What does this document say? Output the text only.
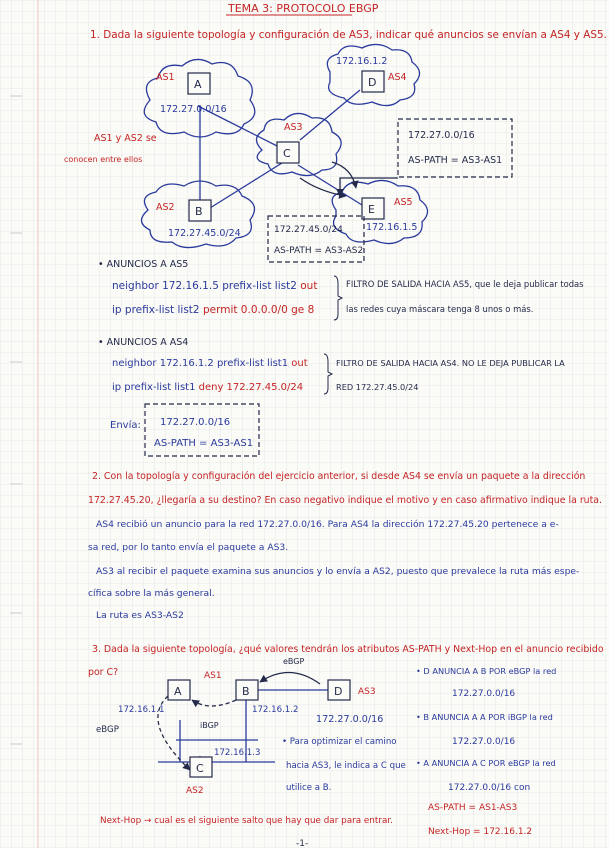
TEMA 3: PROTOCOLO EBGP
1. Dada la siguiente topología y configuración de AS3, indicar qué anuncios se envían a AS4 y AS5.
A	D
C
B	E
AS1
172.27.0.0/16
172.16.1.2
AS4
AS3
AS2
172.27.45.0/24
AS5
172.16.1.5
172.27.0.0/16
AS-PATH = AS3-AS1
172.27.45.0/24
AS-PATH = AS3-AS2
AS1 y AS2 se
conocen entre ellos
• ANUNCIOS A AS5
neighbor 172.16.1.5 prefix-list list2 out
ip prefix-list list2 permit 0.0.0.0/0 ge 8
FILTRO DE SALIDA HACIA AS5, que le deja publicar todas
las redes cuya máscara tenga 8 unos o más.
• ANUNCIOS A AS4
neighbor 172.16.1.2 prefix-list list1 out
ip prefix-list list1 deny 172.27.45.0/24
FILTRO DE SALIDA HACIA AS4. NO LE DEJA PUBLICAR LA
RED 172.27.45.0/24
Envía: 172.27.0.0/16
AS-PATH = AS3-AS1
2. Con la topología y configuración del ejercicio anterior, si desde AS4 se envía un paquete a la dirección
172.27.45.20, ¿llegaría a su destino? En caso negativo indique el motivo y en caso afirmativo indique la ruta.
AS4 recibió un anuncio para la red 172.27.0.0/16. Para AS4 la dirección 172.27.45.20 pertenece a e-
sa red, por lo tanto envía el paquete a AS3.
AS3 al recibir el paquete examina sus anuncios y lo envía a AS2, puesto que prevalece la ruta más espe-
cífica sobre la más general.
La ruta es AS3-AS2
3. Dada la siguiente topología, ¿qué valores tendrán los atributos AS-PATH y Next-Hop en el anuncio recibido
por C?
A	B	D
C
eBGP
AS1
AS3
172.16.1.1	172.16.1.2
eBGP	iBGP
172.16.1.3
AS2
172.27.0.0/16
• Para optimizar el camino
hacia AS3, le indica a C que
utilice a B.
• D ANUNCIA A B POR eBGP la red
172.27.0.0/16
• B ANUNCIA A A POR iBGP la red
172.27.0.0/16
• A ANUNCIA A C POR eBGP la red
172.27.0.0/16 con
AS-PATH = AS1-AS3
Next-Hop = 172.16.1.2
Next-Hop → cual es el siguiente salto que hay que dar para entrar.
-1-
